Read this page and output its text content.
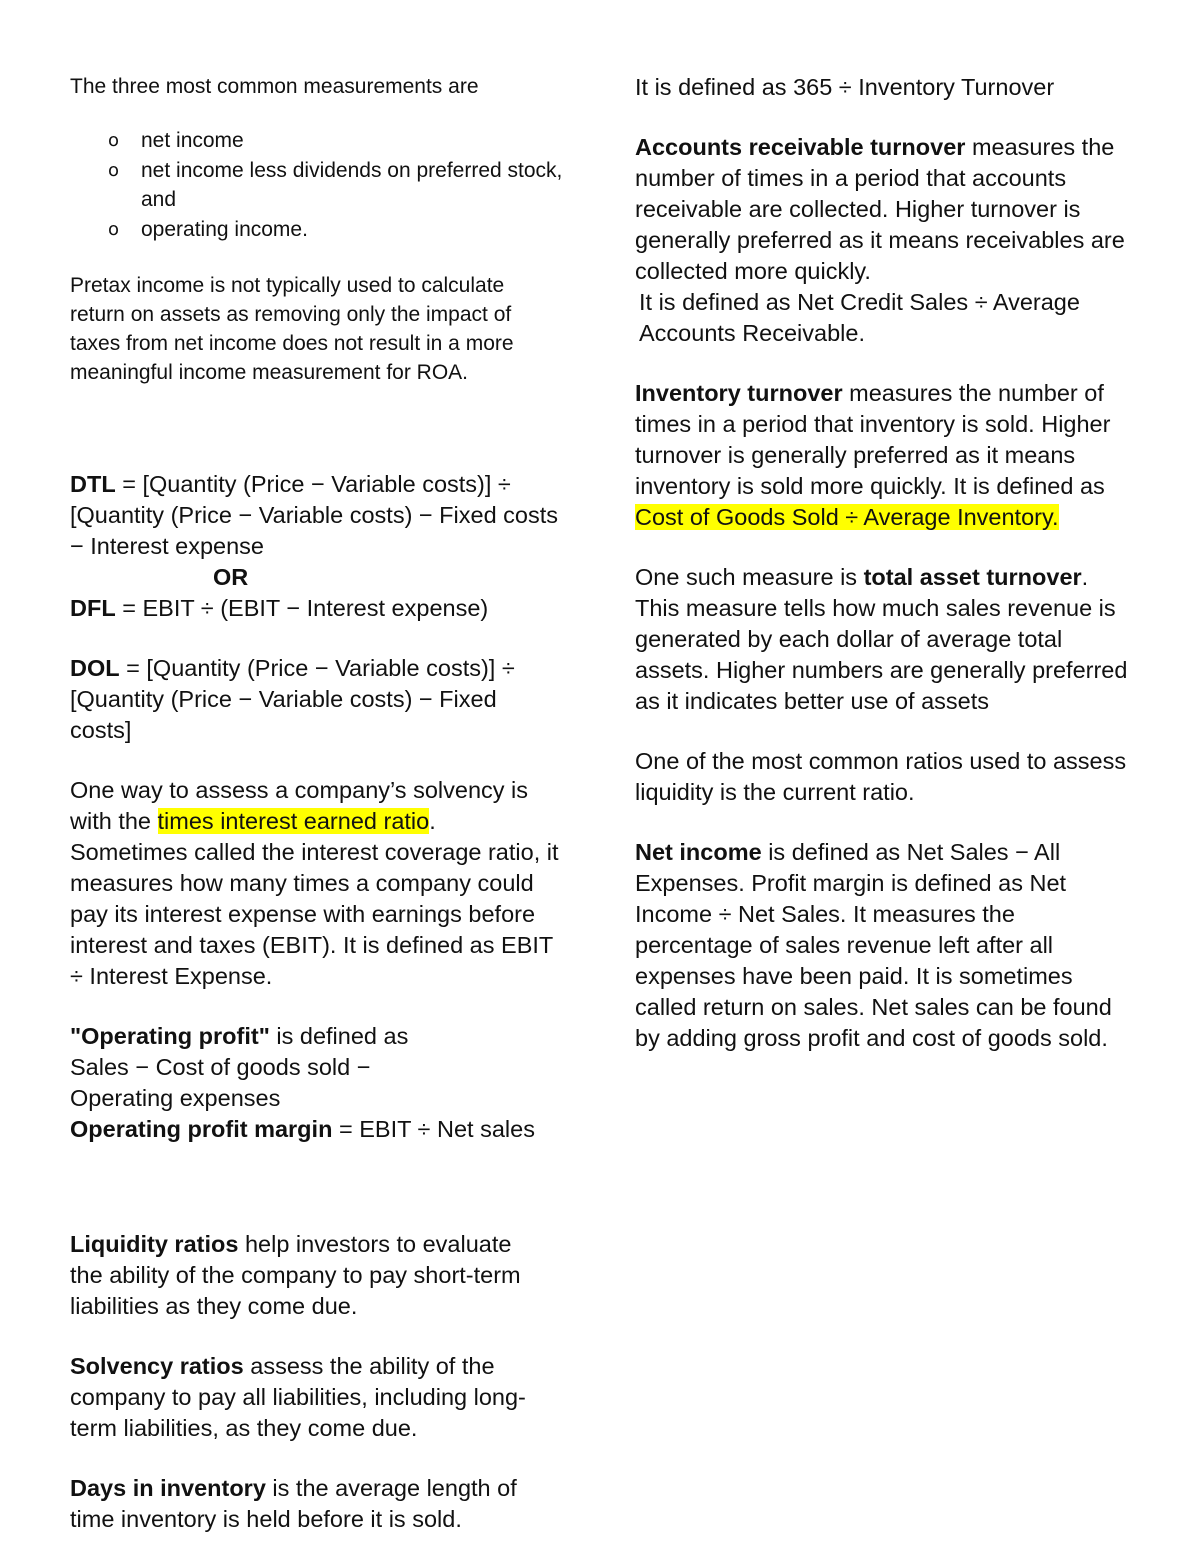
The three most common measurements are

o net income
o net income less dividends on preferred stock, and
o operating income.

Pretax income is not typically used to calculate return on assets as removing only the impact of taxes from net income does not result in a more meaningful income measurement for ROA.

DTL = [Quantity (Price − Variable costs)] ÷ [Quantity (Price − Variable costs) − Fixed costs − Interest expense

OR

DFL = EBIT ÷ (EBIT − Interest expense)

DOL = [Quantity (Price − Variable costs)] ÷ [Quantity (Price − Variable costs) − Fixed costs]

One way to assess a company’s solvency is with the times interest earned ratio.

Sometimes called the interest coverage ratio, it measures how many times a company could pay its interest expense with earnings before interest and taxes (EBIT). It is defined as EBIT ÷ Interest Expense.

"Operating profit" is defined as

Sales − Cost of goods sold − Operating expenses

Operating profit margin = EBIT ÷ Net sales

Liquidity ratios help investors to evaluate the ability of the company to pay short-term liabilities as they come due.

Solvency ratios assess the ability of the company to pay all liabilities, including long-term liabilities, as they come due.

Days in inventory is the average length of time inventory is held before it is sold.

It is defined as 365 ÷ Inventory Turnover

Accounts receivable turnover measures the number of times in a period that accounts receivable are collected. Higher turnover is generally preferred as it means receivables are collected more quickly.

It is defined as Net Credit Sales ÷ Average Accounts Receivable.

Inventory turnover measures the number of times in a period that inventory is sold. Higher turnover is generally preferred as it means inventory is sold more quickly. It is defined as Cost of Goods Sold ÷ Average Inventory.

One such measure is total asset turnover. This measure tells how much sales revenue is generated by each dollar of average total assets. Higher numbers are generally preferred as it indicates better use of assets

One of the most common ratios used to assess liquidity is the current ratio.

Net income is defined as Net Sales − All Expenses. Profit margin is defined as Net Income ÷ Net Sales. It measures the percentage of sales revenue left after all expenses have been paid. It is sometimes called return on sales. Net sales can be found by adding gross profit and cost of goods sold.
